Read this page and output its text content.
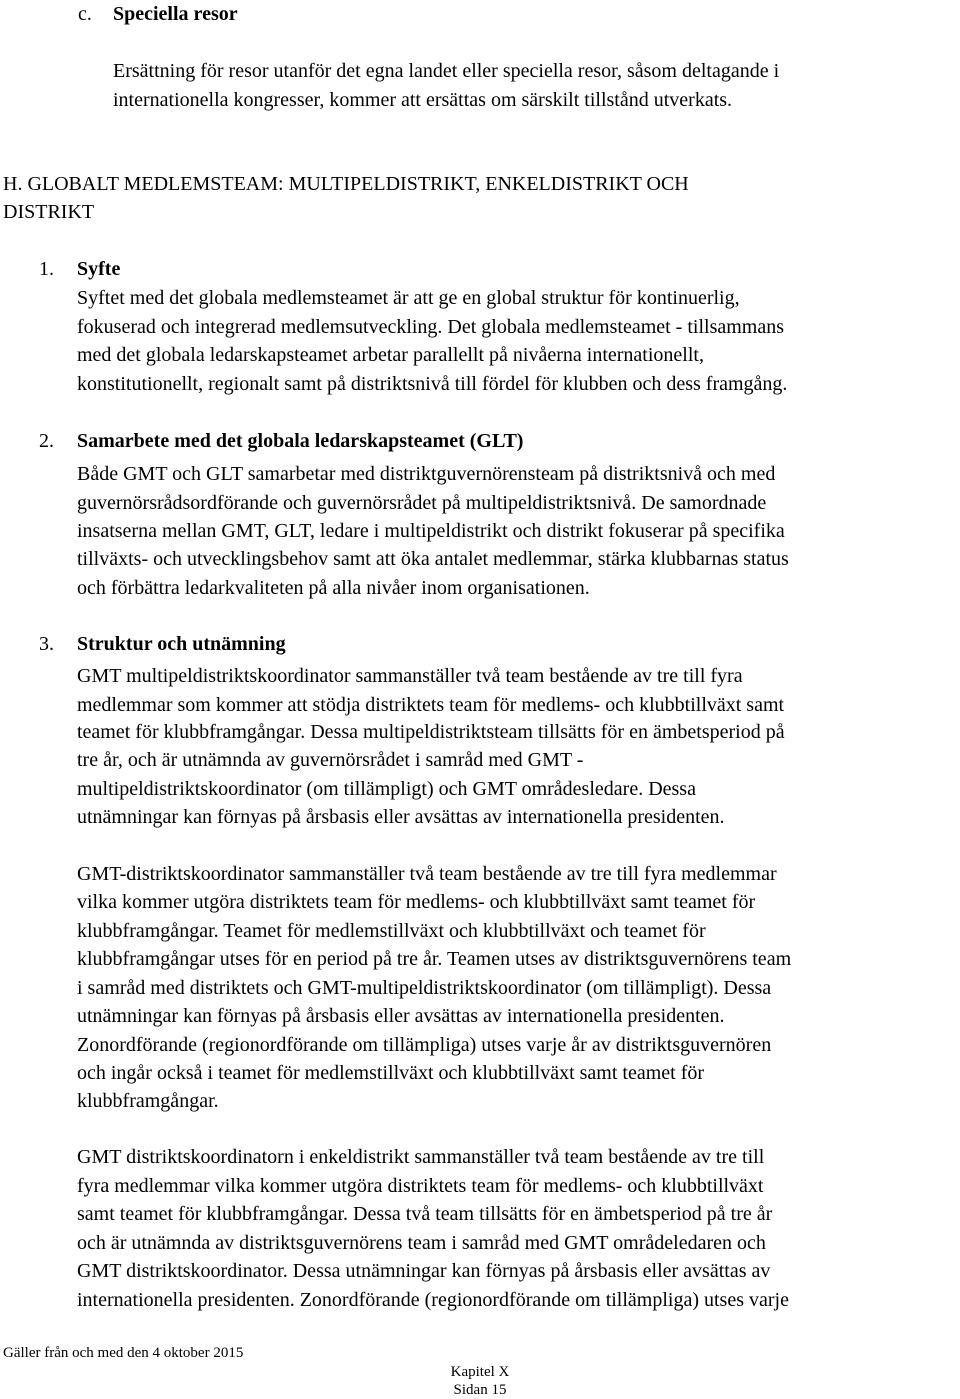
c. Speciella resor
Ersättning för resor utanför det egna landet eller speciella resor, såsom deltagande i
internationella kongresser, kommer att ersättas om särskilt tillstånd utverkats.
H. GLOBALT MEDLEMSTEAM: MULTIPELDISTRIKT, ENKELDISTRIKT OCH
DISTRIKT
1. Syfte
Syftet med det globala medlemsteamet är att ge en global struktur för kontinuerlig,
fokuserad och integrerad medlemsutveckling. Det globala medlemsteamet - tillsammans
med det globala ledarskapsteamet arbetar parallellt på nivåerna internationellt,
konstitutionellt, regionalt samt på distriktsnivå till fördel för klubben och dess framgång.
2. Samarbete med det globala ledarskapsteamet (GLT)
Både GMT och GLT samarbetar med distriktguvernörensteam på distriktsnivå och med
guvernörsrådsordförande och guvernörsrådet på multipeldistriktsnivå. De samordnade
insatserna mellan GMT, GLT, ledare i multipeldistrikt och distrikt fokuserar på specifika
tillväxts- och utvecklingsbehov samt att öka antalet medlemmar, stärka klubbarnas status
och förbättra ledarkvaliteten på alla nivåer inom organisationen.
3. Struktur och utnämning
GMT multipeldistriktskoordinator sammanställer två team bestående av tre till fyra
medlemmar som kommer att stödja distriktets team för medlems- och klubbtillväxt samt
teamet för klubbframgångar. Dessa multipeldistriktsteam tillsätts för en ämbetsperiod på
tre år, och är utnämnda av guvernörsrådet i samråd med GMT -
multipeldistriktskoordinator (om tillämpligt) och GMT områdesledare. Dessa
utnämningar kan förnyas på årsbasis eller avsättas av internationella presidenten.
GMT-distriktskoordinator sammanställer två team bestående av tre till fyra medlemmar
vilka kommer utgöra distriktets team för medlems- och klubbtillväxt samt teamet för
klubbframgångar. Teamet för medlemstillväxt och klubbtillväxt och teamet för
klubbframgångar utses för en period på tre år. Teamen utses av distriktsguvernörens team
i samråd med distriktets och GMT-multipeldistriktskoordinator (om tillämpligt). Dessa
utnämningar kan förnyas på årsbasis eller avsättas av internationella presidenten.
Zonordförande (regionordförande om tillämpliga) utses varje år av distriktsguvernören
och ingår också i teamet för medlemstillväxt och klubbtillväxt samt teamet för
klubbframgångar.
GMT distriktskoordinatorn i enkeldistrikt sammanställer två team bestående av tre till
fyra medlemmar vilka kommer utgöra distriktets team för medlems- och klubbtillväxt
samt teamet för klubbframgångar. Dessa två team tillsätts för en ämbetsperiod på tre år
och är utnämnda av distriktsguvernörens team i samråd med GMT områdeledaren och
GMT distriktskoordinator. Dessa utnämningar kan förnyas på årsbasis eller avsättas av
internationella presidenten. Zonordförande (regionordförande om tillämpliga) utses varje
Gäller från och med den 4 oktober 2015
Kapitel X
Sidan 15
